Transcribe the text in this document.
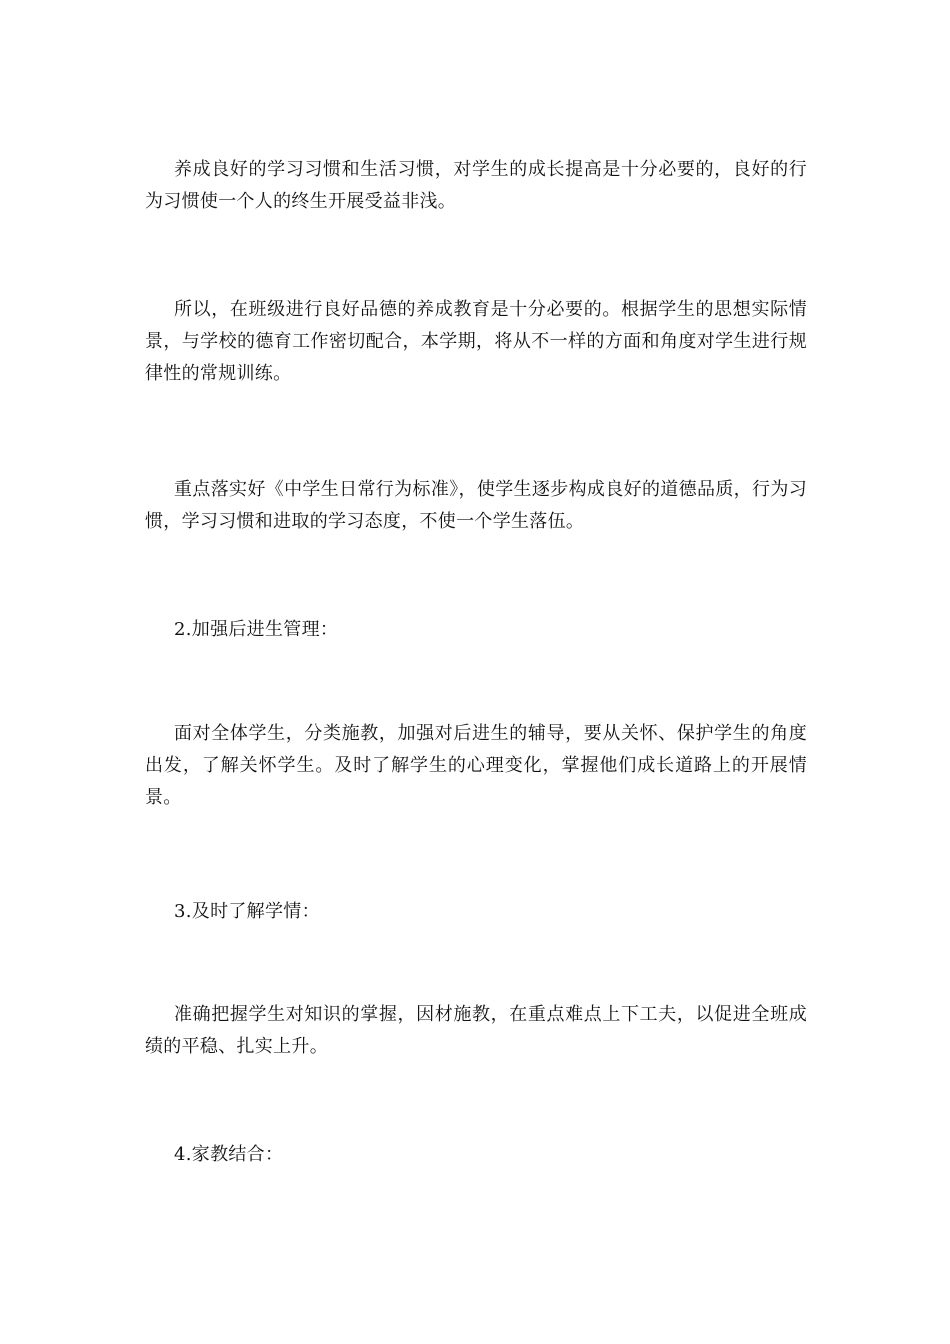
养成良好的学习习惯和生活习惯，对学生的成长提高是十分必要的，良好的行为习惯使一个人的终生开展受益非浅。

所以，在班级进行良好品德的养成教育是十分必要的。根据学生的思想实际情景，与学校的德育工作密切配合，本学期，将从不一样的方面和角度对学生进行规律性的常规训练。

重点落实好《中学生日常行为标准》，使学生逐步构成良好的道德品质，行为习惯，学习习惯和进取的学习态度，不使一个学生落伍。

2.加强后进生管理：

面对全体学生，分类施教，加强对后进生的辅导，要从关怀、保护学生的角度出发，了解关怀学生。及时了解学生的心理变化，掌握他们成长道路上的开展情景。

3.及时了解学情：

准确把握学生对知识的掌握，因材施教，在重点难点上下工夫，以促进全班成绩的平稳、扎实上升。

4.家教结合：
